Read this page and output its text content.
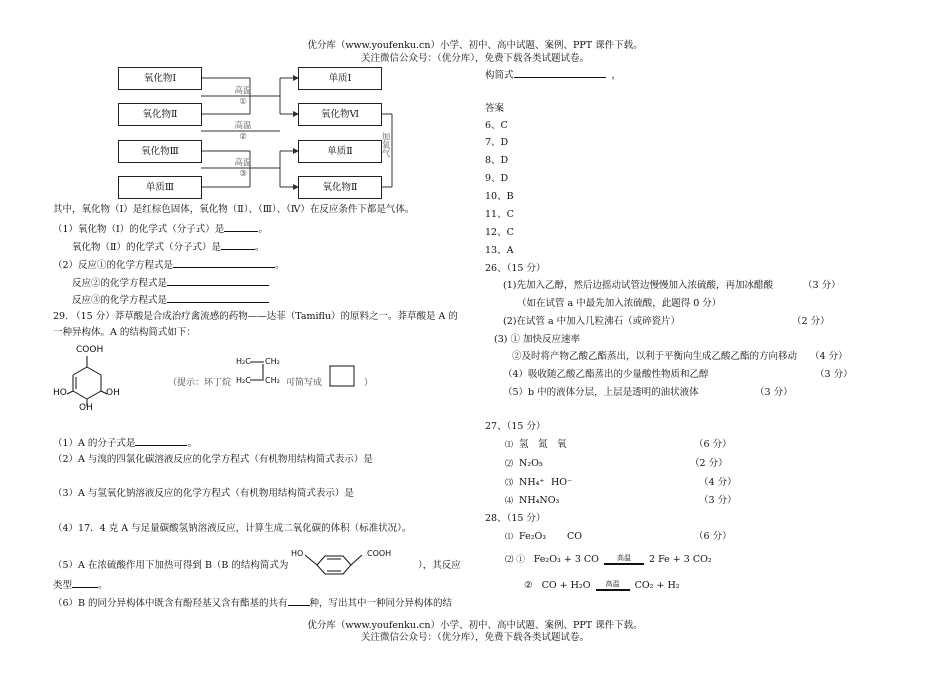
优分库（www.youfenku.cn）小学、初中、高中试题、案例、PPT 课件下载。
关注微信公众号：（优分库），免费下载各类试题试卷。
氧化物Ⅰ
氧化物Ⅱ
氧化物Ⅲ
单质Ⅲ
单质Ⅰ
氧化物Ⅵ
单质Ⅱ
氧化物Ⅱ
高温
①
高温
②
高温
③
加氧气
其中，氧化物（Ⅰ）是红棕色固体，氧化物（Ⅱ）、（Ⅲ）、（Ⅳ）在反应条件下都是气体。
（1）氧化物（Ⅰ）的化学式（分子式）是	。
氧化物（Ⅱ）的化学式（分子式）是	。
（2）反应①的化学方程式是	。
反应②的化学方程式是
反应③的化学方程式是
29. （15 分）莽草酸是合成治疗禽流感的药物——达菲（Tamiflu）的原料之一。莽草酸是 A 的
一种异构体。A 的结构简式如下：
COOH
HO	OH
OH
H₂C CH₂
H₂C CH₂
（提示：环丁烷	可简写成	）
（1）A 的分子式是	。
（2）A 与溴的四氯化碳溶液反应的化学方程式（有机物用结构简式表示）是
（3）A 与氢氧化钠溶液反应的化学方程式（有机物用结构简式表示）是
（4）17．4 克 A 与足量碳酸氢钠溶液反应，计算生成二氧化碳的体积（标准状况）。
HO	COOH
（5）A 在浓硫酸作用下加热可得到 B（B 的结构简式为	），其反应
类型	。
（6）B 的同分异构体中既含有酚羟基又含有酯基的共有 种，写出其中一种同分异构体的结
构简式	，
答案
6、C
7、D
8、D
9、D
10、B
11、C
12、C
13、A
26、（15 分）
(1)先加入乙醇，然后边摇动试管边慢慢加入浓硫酸，再加冰醋酸	（3 分）
（如在试管 a 中最先加入浓硫酸，此题得 0 分）
(2)在试管 a 中加入几粒沸石（或碎瓷片）	（2 分）
(3) ① 加快反应速率
②及时将产物乙酸乙酯蒸出，以利于平衡向生成乙酸乙酯的方向移动 （4 分）
（4）吸收随乙酸乙酯蒸出的少量酸性物质和乙醇	（3 分）
（5）b 中的液体分层，上层是透明的油状液体	（3 分）
27、（15 分）
⑴ 氢　氮　氧	（6 分）
⑵ N₂O₅	（2 分）
⑶ NH₄⁺ HO⁻	（4 分）
⑷ NH₄NO₃	（3 分）
28、（15 分）
⑴ Fe₂O₃ CO	（6 分）
⑵ ① Fe₂O₃ + 3 CO	高温	2 Fe + 3 CO₂
② CO + H₂O	高温	CO₂ + H₂
优分库（www.youfenku.cn）小学、初中、高中试题、案例、PPT 课件下载。
关注微信公众号：（优分库），免费下载各类试题试卷。
